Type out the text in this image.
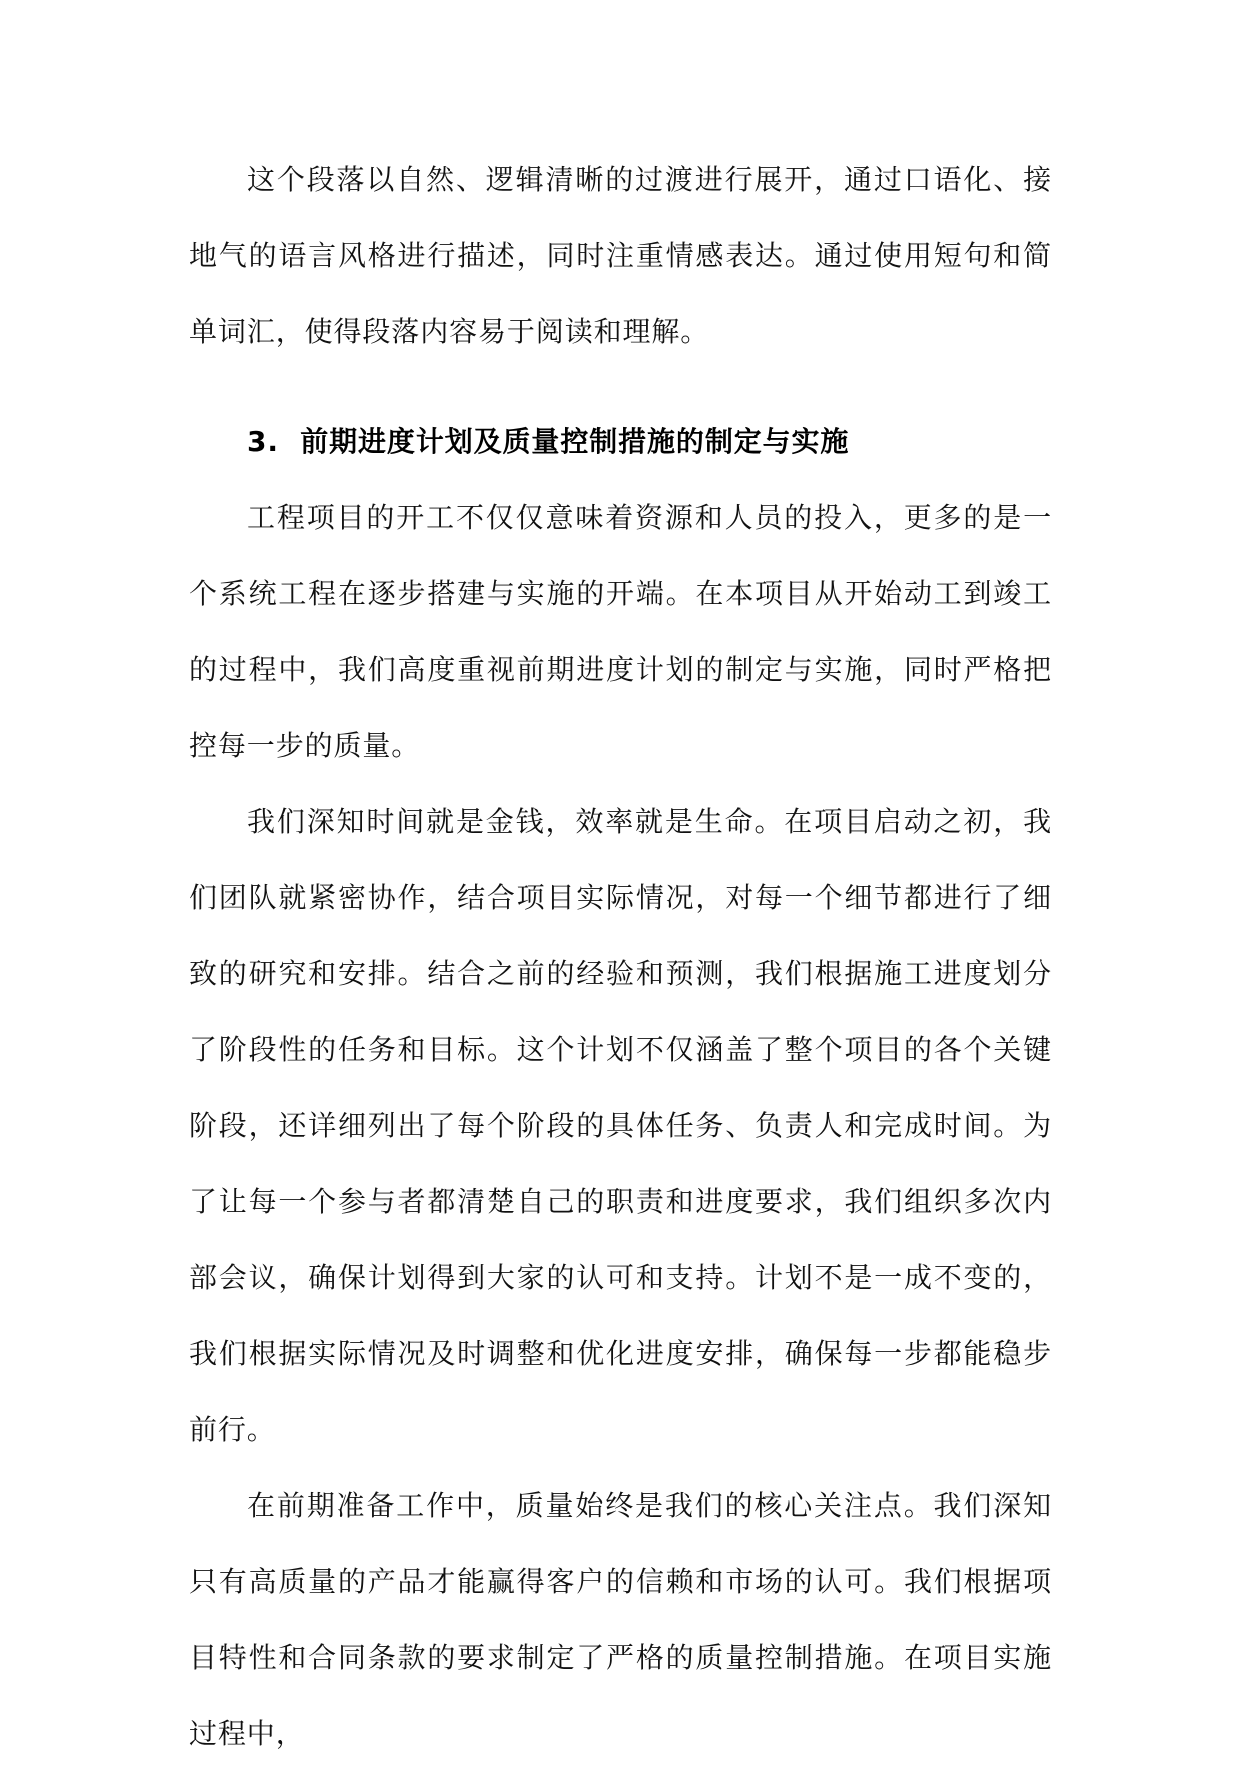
这个段落以自然、逻辑清晰的过渡进行展开，通过口语化、接地气的语言风格进行描述，同时注重情感表达。通过使用短句和简单词汇，使得段落内容易于阅读和理解。

3. 前期进度计划及质量控制措施的制定与实施

工程项目的开工不仅仅意味着资源和人员的投入，更多的是一个系统工程在逐步搭建与实施的开端。在本项目从开始动工到竣工的过程中，我们高度重视前期进度计划的制定与实施，同时严格把控每一步的质量。

我们深知时间就是金钱，效率就是生命。在项目启动之初，我们团队就紧密协作，结合项目实际情况，对每一个细节都进行了细致的研究和安排。结合之前的经验和预测，我们根据施工进度划分了阶段性的任务和目标。这个计划不仅涵盖了整个项目的各个关键阶段，还详细列出了每个阶段的具体任务、负责人和完成时间。为了让每一个参与者都清楚自己的职责和进度要求，我们组织多次内部会议，确保计划得到大家的认可和支持。计划不是一成不变的，我们根据实际情况及时调整和优化进度安排，确保每一步都能稳步前行。

在前期准备工作中，质量始终是我们的核心关注点。我们深知只有高质量的产品才能赢得客户的信赖和市场的认可。我们根据项目特性和合同条款的要求制定了严格的质量控制措施。在项目实施过程中，
